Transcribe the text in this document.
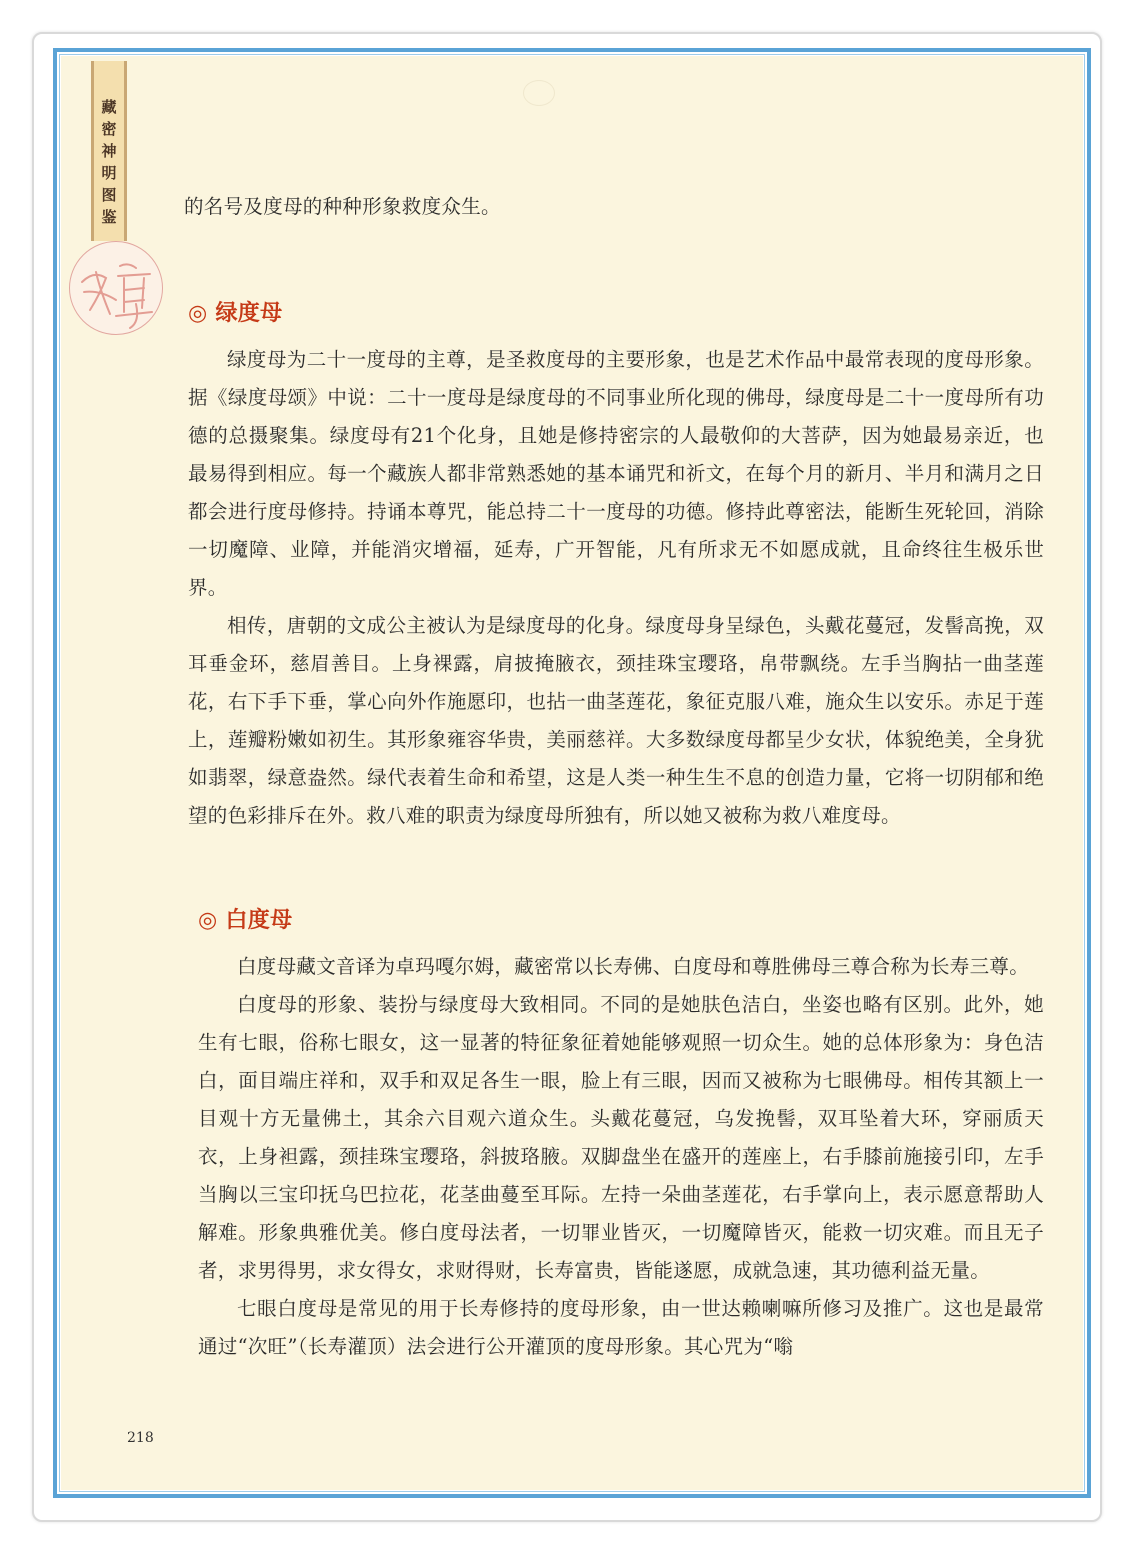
藏
密
神
明
图
鉴	的名号及度母的种种形象救度众生。
◎ 绿度母

绿度母为二十一度母的主尊，是圣救度母的主要形象，也是艺术作品中最常表现的度母形象。据《绿度母颂》中说：二十一度母是绿度母的不同事业所化现的佛母，绿度母是二十一度母所有功德的总摄聚集。绿度母有21个化身，且她是修持密宗的人最敬仰的大菩萨，因为她最易亲近，也最易得到相应。每一个藏族人都非常熟悉她的基本诵咒和祈文，在每个月的新月、半月和满月之日都会进行度母修持。持诵本尊咒，能总持二十一度母的功德。修持此尊密法，能断生死轮回，消除一切魔障、业障，并能消灾增福，延寿，广开智能，凡有所求无不如愿成就，且命终往生极乐世界。

相传，唐朝的文成公主被认为是绿度母的化身。绿度母身呈绿色，头戴花蔓冠，发髻高挽，双耳垂金环，慈眉善目。上身裸露，肩披掩腋衣，颈挂珠宝璎珞，帛带飘绕。左手当胸拈一曲茎莲花，右下手下垂，掌心向外作施愿印，也拈一曲茎莲花，象征克服八难，施众生以安乐。赤足于莲上，莲瓣粉嫩如初生。其形象雍容华贵，美丽慈祥。大多数绿度母都呈少女状，体貌绝美，全身犹如翡翠，绿意盎然。绿代表着生命和希望，这是人类一种生生不息的创造力量，它将一切阴郁和绝望的色彩排斥在外。救八难的职责为绿度母所独有，所以她又被称为救八难度母。

◎ 白度母

白度母藏文音译为卓玛嘎尔姆，藏密常以长寿佛、白度母和尊胜佛母三尊合称为长寿三尊。

白度母的形象、装扮与绿度母大致相同。不同的是她肤色洁白，坐姿也略有区别。此外，她生有七眼，俗称七眼女，这一显著的特征象征着她能够观照一切众生。她的总体形象为：身色洁白，面目端庄祥和，双手和双足各生一眼，脸上有三眼，因而又被称为七眼佛母。相传其额上一目观十方无量佛土，其余六目观六道众生。头戴花蔓冠，乌发挽髻，双耳坠着大环，穿丽质天衣，上身袒露，颈挂珠宝璎珞，斜披珞腋。双脚盘坐在盛开的莲座上，右手膝前施接引印，左手当胸以三宝印抚乌巴拉花，花茎曲蔓至耳际。左持一朵曲茎莲花，右手掌向上，表示愿意帮助人解难。形象典雅优美。修白度母法者，一切罪业皆灭，一切魔障皆灭，能救一切灾难。而且无子者，求男得男，求女得女，求财得财，长寿富贵，皆能遂愿，成就急速，其功德利益无量。

七眼白度母是常见的用于长寿修持的度母形象，由一世达赖喇嘛所修习及推广。这也是最常通过“次旺”（长寿灌顶）法会进行公开灌顶的度母形象。其心咒为“嗡

218
